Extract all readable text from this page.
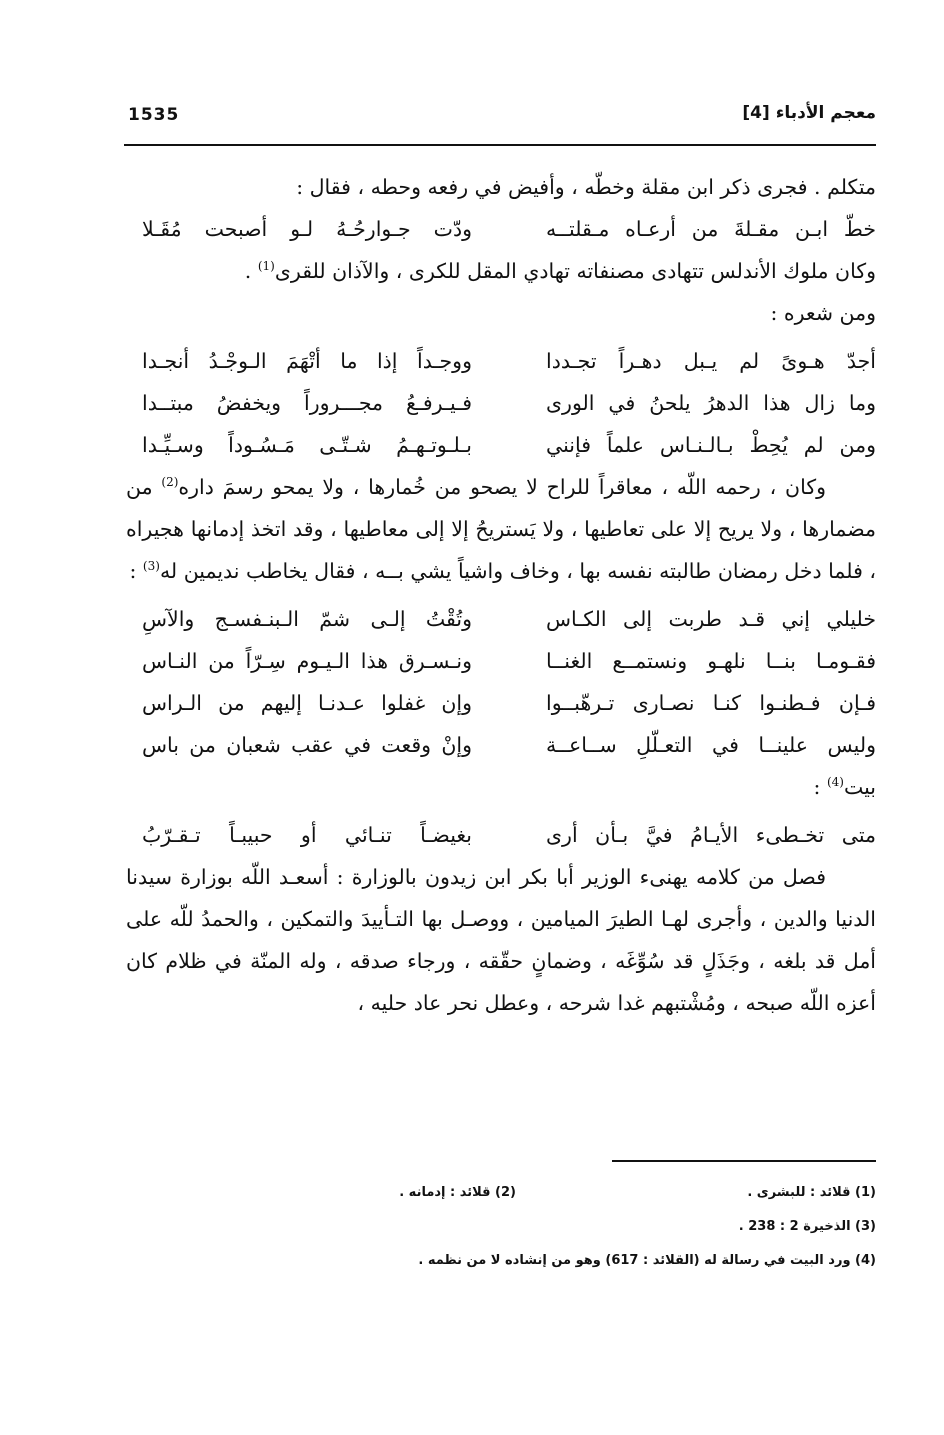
معجم الأدباء [4]
1535
متكلم . فجرى ذكر ابن مقلة وخطّه ، وأفيض في رفعه وحطه ، فقال :
خطّ ابـن مقـلةَ من أرعـاه مـقلتــه
ودّت جـوارحُـهُ لـو أصبحت مُقَـلا
وكان ملوك الأندلس تتهادى مصنفاته تهادي المقل للكرى ، والآذان للقرى$^{(1)}$ .
ومن شعره :
أجدّ هـوىً لم يـبل دهـراً تجـددا
ووجـداً إذا ما أتْهَمَ الـوجْـدُ أنجـدا
وما زال هذا الدهرُ يلحنُ في الورى
فـيـرفـعُ مجـــروراً ويخفضُ مبتــدا
ومن لم يُحِطْ بـالـنـاس علماً فإنني
بـلـوتـهـمُ شـتّـى مَـسُـوداً وسـيِّـدا
وكان ، رحمه اللّه ، معاقراً للراح لا يصحو من خُمارها ، ولا يمحو رسمَ داره$^{(2)}$ من مضمارها ، ولا يريح إلا على تعاطيها ، ولا يَستريحُ إلا إلى معاطيها ، وقد اتخذ إدمانها هجيراه ، فلما دخل رمضان طالبته نفسه بها ، وخاف واشياً يشي بــه ، فقال يخاطب نديمين له$^{(3)}$ :
خليلي إني قـد طربت إلى الكـاس
وتُقْتُ إلـى شمّ الـبنـفسـج والآسِ
فقـومـا بنــا نلهـو ونستمــع الغنــا
ونـسـرق هذا الـيـوم سِـرّاً من النـاس
فـإن فـطنـوا كنـا نصـارى تـرهّبــوا
وإن غفلوا عـدنـا إليهم من الـراس
وليس علينــا في التعـلّلِ ســاعــة
وإنْ وقعت في عقب شعبان من باس
بيت$^{(4)}$ :
متى تخـطىء الأيـامُ فيَّ بـأن أرى
بغيضـاً تنـائي أو حبيبـاً تـقـرّبُ
فصل من كلامه يهنىء الوزير أبا بكر ابن زيدون بالوزارة : أسعـد اللّه بوزارة سيدنا الدنيا والدين ، وأجرى لهـا الطيرَ الميامين ، ووصـل بها التـأييدَ والتمكين ، والحمدُ للّه على أمل قد بلغه ، وجَذَلٍ قد سُوِّغَه ، وضمانٍ حقّقه ، ورجاء صدقه ، وله المنّة في ظلام كان أعزه اللّه صبحه ، ومُشْتبهم غدا شرحه ، وعطل نحر عاد حليه ،
(1) قلائد : للبشرى .
(2) قلائد : إدمانه .
(3) الذخيرة 2 : 238 .
(4) ورد البيت في رسالة له (القلائد : 617) وهو من إنشاده لا من نظمه .
